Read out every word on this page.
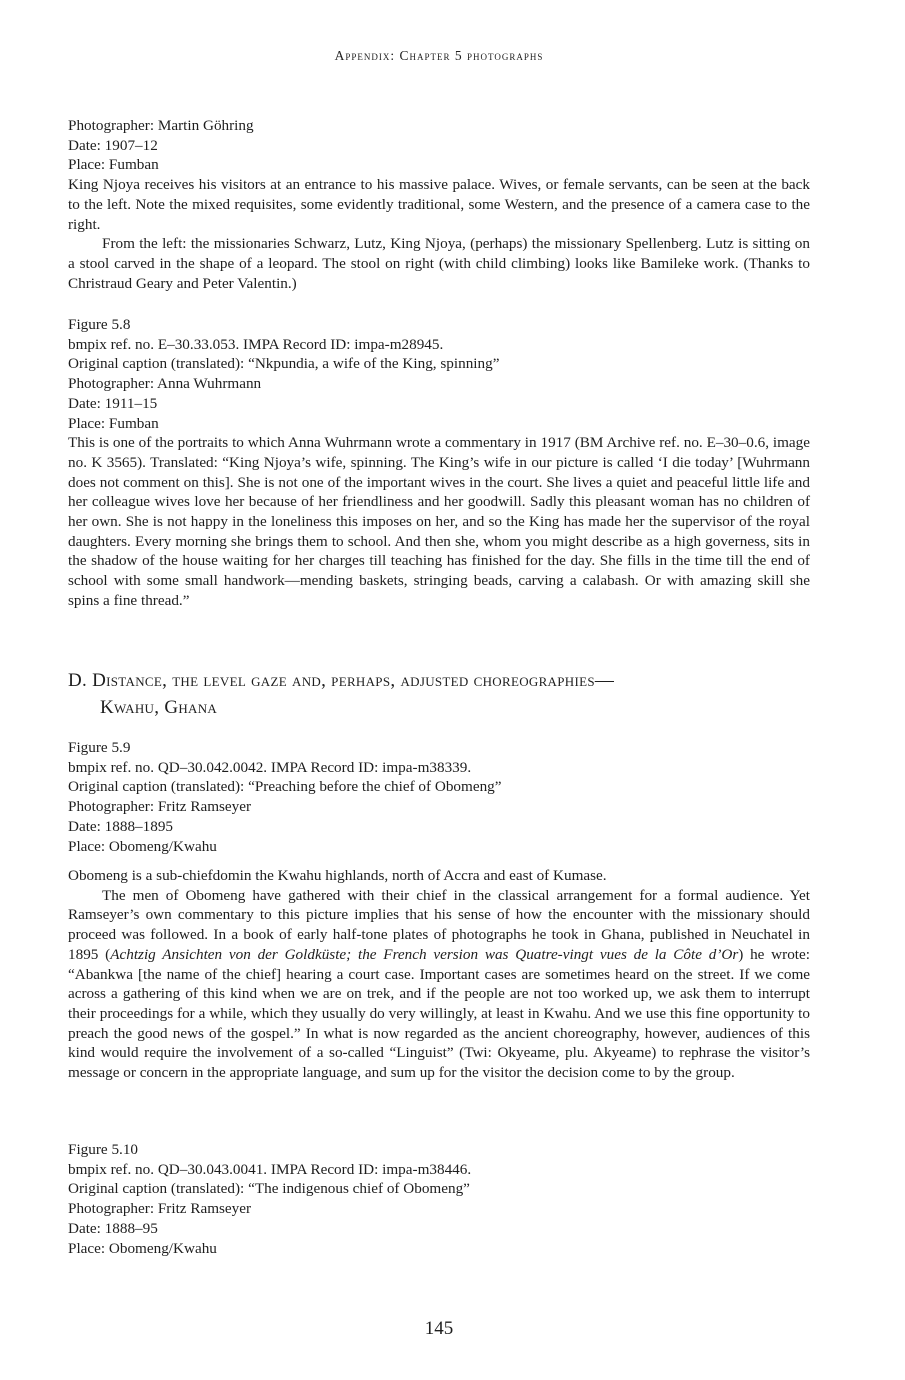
Appendix: Chapter 5 photographs
Photographer: Martin Göhring
Date: 1907–12
Place: Fumban
King Njoya receives his visitors at an entrance to his massive palace. Wives, or female servants, can be seen at the back to the left. Note the mixed requisites, some evidently traditional, some Western, and the presence of a camera case to the right.
From the left: the missionaries Schwarz, Lutz, King Njoya, (perhaps) the missionary Spellenberg. Lutz is sitting on a stool carved in the shape of a leopard. The stool on right (with child climbing) looks like Bamileke work. (Thanks to Christraud Geary and Peter Valentin.)
Figure 5.8
bmpix ref. no. E–30.33.053. IMPA Record ID: impa-m28945.
Original caption (translated): “Nkpundia, a wife of the King, spinning”
Photographer: Anna Wuhrmann
Date: 1911–15
Place: Fumban
This is one of the portraits to which Anna Wuhrmann wrote a commentary in 1917 (BM Archive ref. no. E–30–0.6, image no. K 3565). Translated: “King Njoya’s wife, spinning. The King’s wife in our picture is called ‘I die today’ [Wuhrmann does not comment on this]. She is not one of the important wives in the court. She lives a quiet and peaceful little life and her colleague wives love her because of her friendliness and her goodwill. Sadly this pleasant woman has no children of her own. She is not happy in the loneliness this imposes on her, and so the King has made her the supervisor of the royal daughters. Every morning she brings them to school. And then she, whom you might describe as a high governess, sits in the shadow of the house waiting for her charges till teaching has finished for the day. She fills in the time till the end of school with some small handwork—mending baskets, stringing beads, carving a calabash. Or with amazing skill she spins a fine thread.”
D. Distance, the level gaze and, perhaps, adjusted choreographies—
Kwahu, Ghana
Figure 5.9
bmpix ref. no. QD–30.042.0042. IMPA Record ID: impa-m38339.
Original caption (translated): “Preaching before the chief of Obomeng”
Photographer: Fritz Ramseyer
Date: 1888–1895
Place: Obomeng/Kwahu
Obomeng is a sub-chiefdomin the Kwahu highlands, north of Accra and east of Kumase.
The men of Obomeng have gathered with their chief in the classical arrangement for a formal audience. Yet Ramseyer’s own commentary to this picture implies that his sense of how the encounter with the missionary should proceed was followed. In a book of early half-tone plates of photographs he took in Ghana, published in Neuchatel in 1895 (Achtzig Ansichten von der Goldküste; the French version was Quatre-vingt vues de la Côte d’Or) he wrote: “Abankwa [the name of the chief] hearing a court case. Important cases are sometimes heard on the street. If we come across a gathering of this kind when we are on trek, and if the people are not too worked up, we ask them to interrupt their proceedings for a while, which they usually do very willingly, at least in Kwahu. And we use this fine opportunity to preach the good news of the gospel.” In what is now regarded as the ancient choreography, however, audiences of this kind would require the involvement of a so-called “Linguist” (Twi: Okyeame, plu. Akyeame) to rephrase the visitor’s message or concern in the appropriate language, and sum up for the visitor the decision come to by the group.
Figure 5.10
bmpix ref. no. QD–30.043.0041. IMPA Record ID: impa-m38446.
Original caption (translated): “The indigenous chief of Obomeng”
Photographer: Fritz Ramseyer
Date: 1888–95
Place: Obomeng/Kwahu
145
